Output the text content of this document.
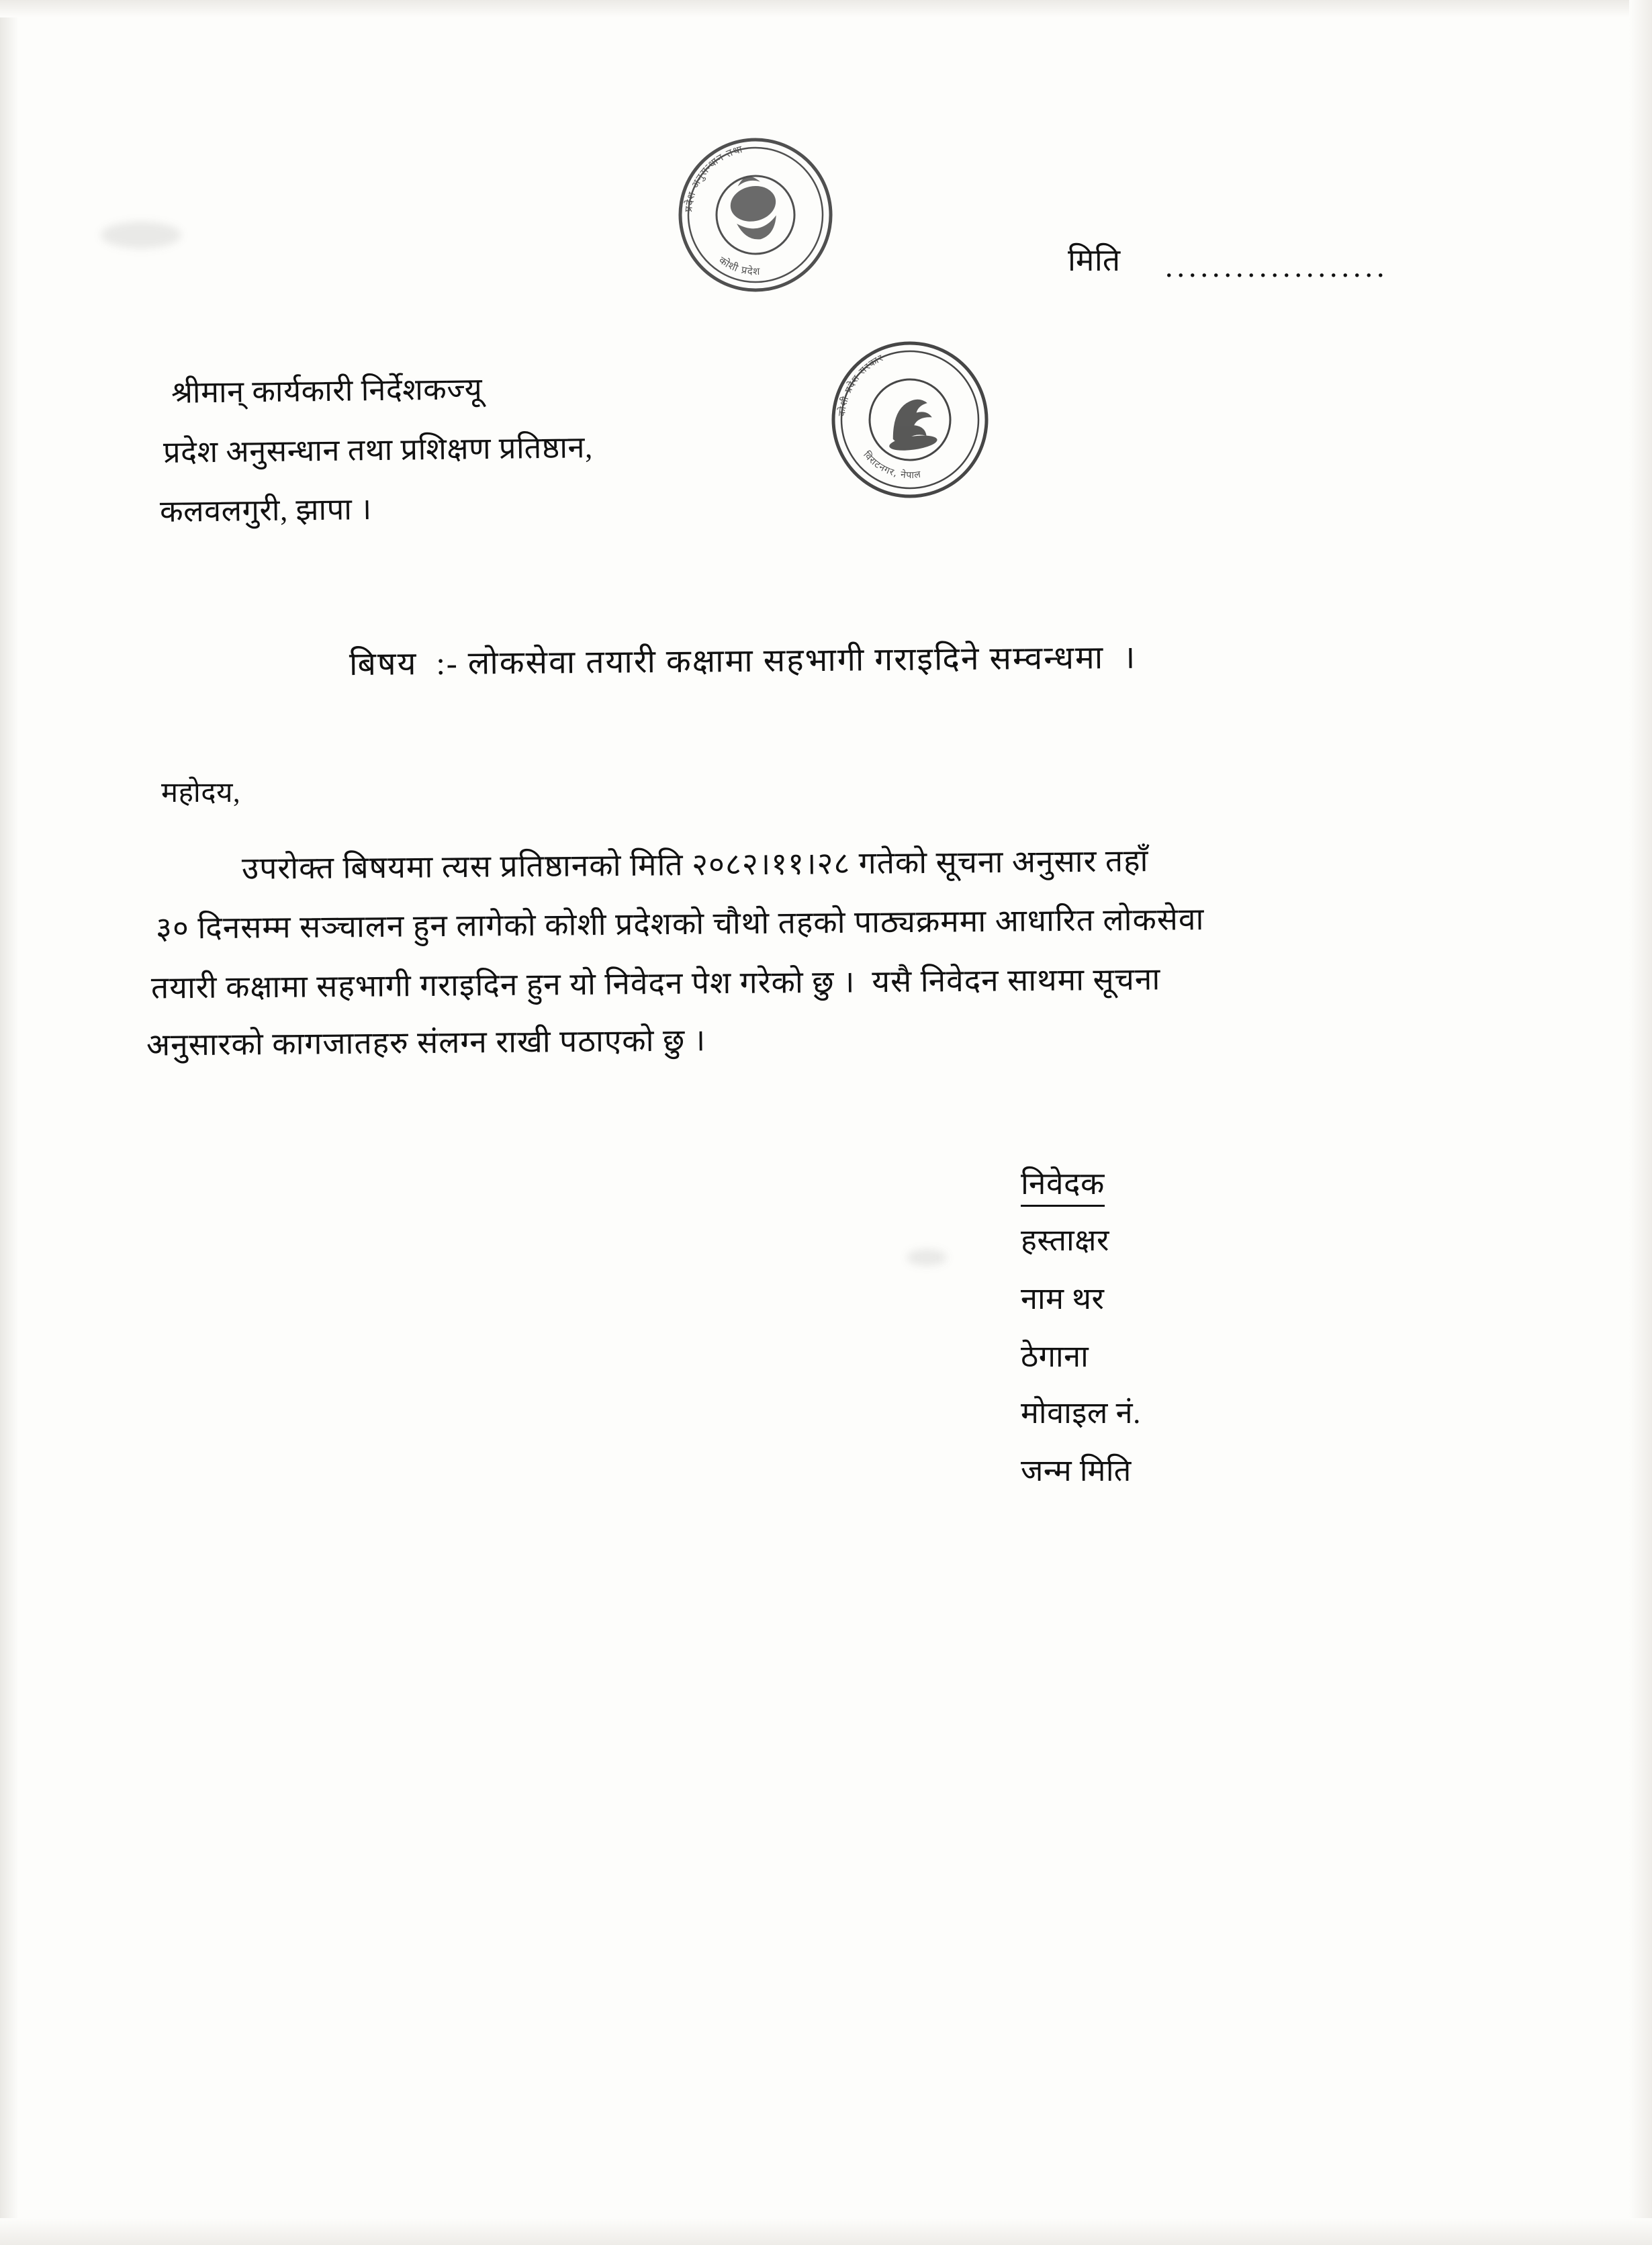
प्रदेश अनुसन्धान तथा
कोशी प्रदेश
कोशी प्रदेश सरकार
विराटनगर, नेपाल
मिति ...................
श्रीमान् कार्यकारी निर्देशकज्यू
प्रदेश अनुसन्धान तथा प्रशिक्षण प्रतिष्ठान,
कलवलगुरी, झापा ।
बिषय  :- लोकसेवा तयारी कक्षामा सहभागी गराइदिने सम्वन्धमा  ।
महोदय,
उपरोक्त बिषयमा त्यस प्रतिष्ठानको मिति २०८२।११।२८ गतेको सूचना अनुसार तहाँ
३० दिनसम्म सञ्चालन हुन लागेको कोशी प्रदेशको चौथो तहको पाठ्यक्रममा आधारित लोकसेवा
तयारी कक्षामा सहभागी गराइदिन हुन यो निवेदन पेश गरेको छु ।  यसै निवेदन साथमा सूचना
अनुसारको कागजातहरु संलग्न राखी पठाएको छु ।
निवेदक
हस्ताक्षर
नाम थर
ठेगाना
मोवाइल नं.
जन्म मिति
